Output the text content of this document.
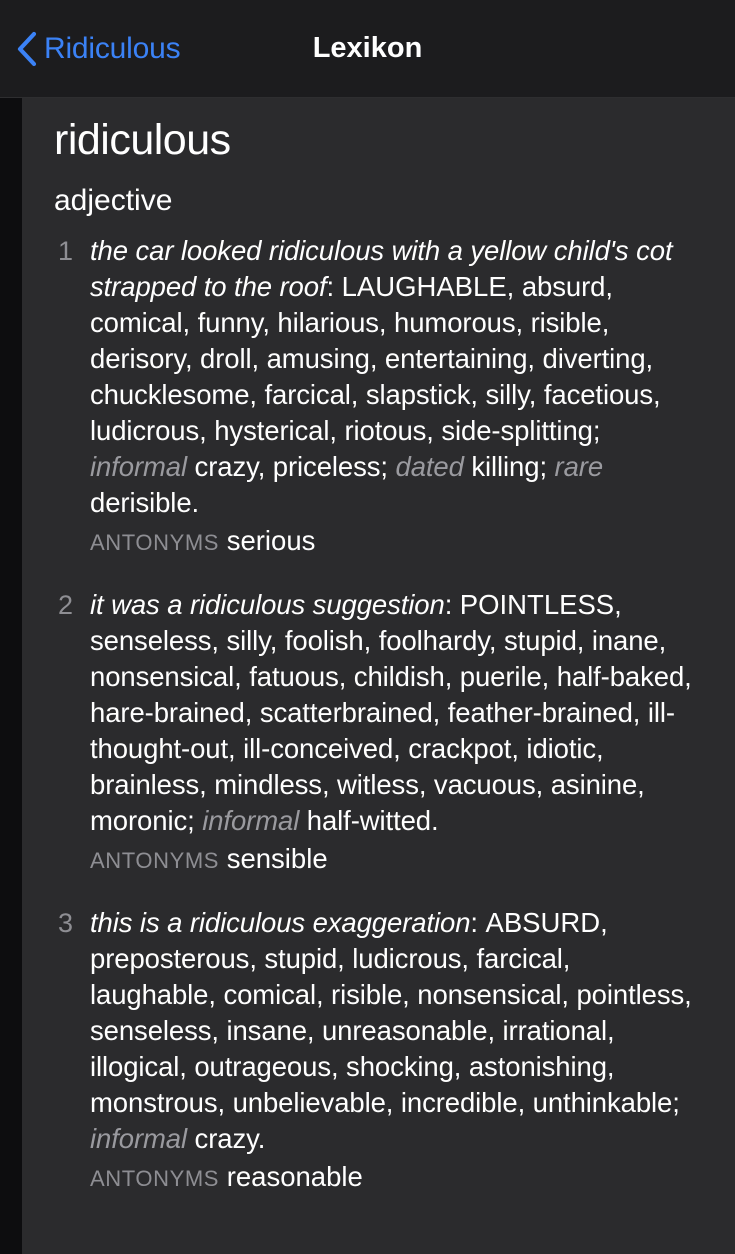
Ridiculous	Lexikon
ridiculous
adjective
1 the car looked ridiculous with a yellow child's cot strapped to the roof: LAUGHABLE, absurd, comical, funny, hilarious, humorous, risible, derisory, droll, amusing, entertaining, diverting, chucklesome, farcical, slapstick, silly, facetious, ludicrous, hysterical, riotous, side-splitting; informal crazy, priceless; dated killing; rare derisible.
ANTONYMS serious
2 it was a ridiculous suggestion: POINTLESS, senseless, silly, foolish, foolhardy, stupid, inane, nonsensical, fatuous, childish, puerile, half-baked, hare-brained, scatterbrained, feather-brained, ill-thought-out, ill-conceived, crackpot, idiotic, brainless, mindless, witless, vacuous, asinine, moronic; informal half-witted.
ANTONYMS sensible
3 this is a ridiculous exaggeration: ABSURD, preposterous, stupid, ludicrous, farcical, laughable, comical, risible, nonsensical, pointless, senseless, insane, unreasonable, irrational, illogical, outrageous, shocking, astonishing, monstrous, unbelievable, incredible, unthinkable; informal crazy.
ANTONYMS reasonable
